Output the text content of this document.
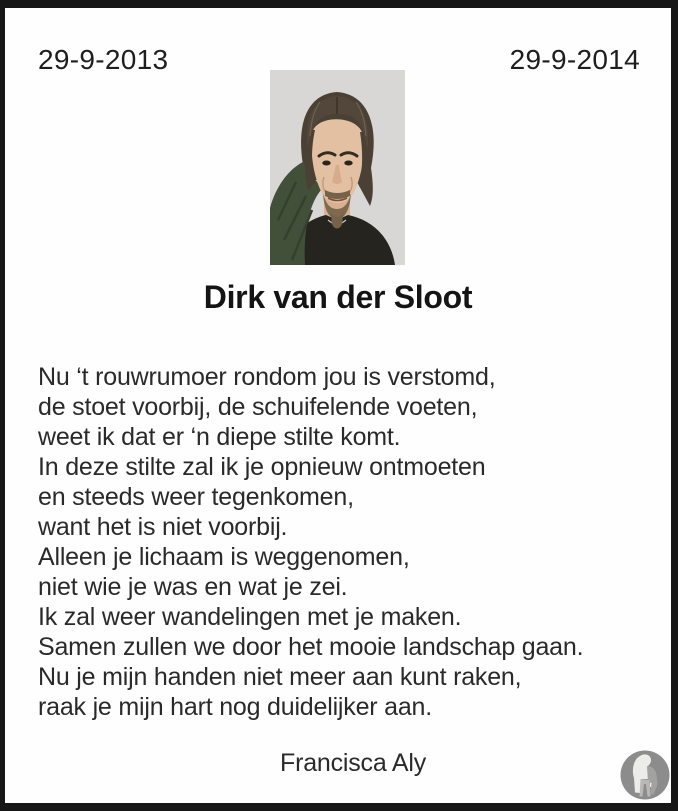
29-9-2013	29-9-2014
Dirk van der Sloot
Nu ‘t rouwrumoer rondom jou is verstomd,
de stoet voorbij, de schuifelende voeten,
weet ik dat er ‘n diepe stilte komt.
In deze stilte zal ik je opnieuw ontmoeten
en steeds weer tegenkomen,
want het is niet voorbij.
Alleen je lichaam is weggenomen,
niet wie je was en wat je zei.
Ik zal weer wandelingen met je maken.
Samen zullen we door het mooie landschap gaan.
Nu je mijn handen niet meer aan kunt raken,
raak je mijn hart nog duidelijker aan.
Francisca Aly
